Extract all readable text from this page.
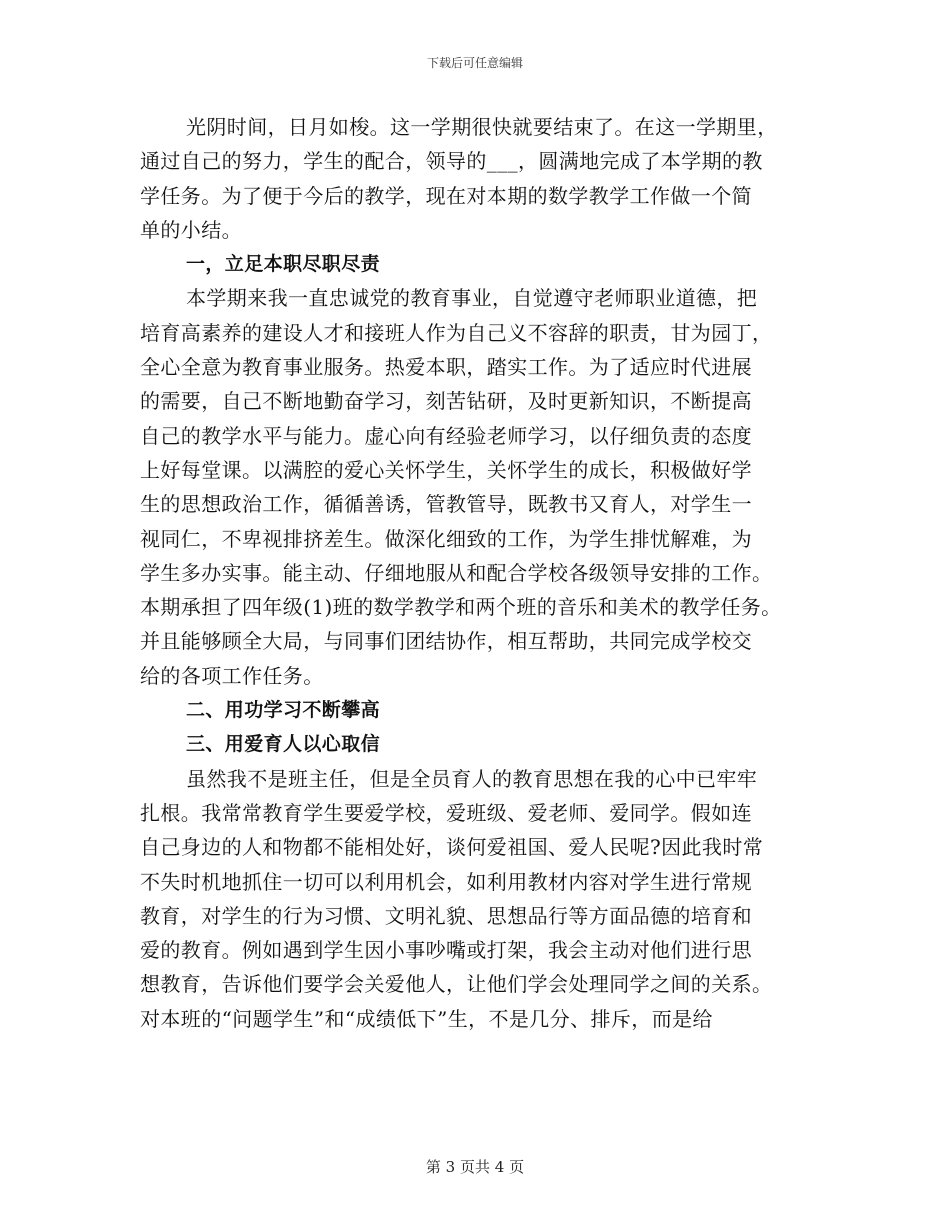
下载后可任意编辑
光阴时间，日月如梭。这一学期很快就要结束了。在这一学期里，
通过自己的努力，学生的配合，领导的___，圆满地完成了本学期的教
学任务。为了便于今后的教学，现在对本期的数学教学工作做一个简
单的小结。
一，立足本职尽职尽责
本学期来我一直忠诚党的教育事业，自觉遵守老师职业道德，把
培育高素养的建设人才和接班人作为自己义不容辞的职责，甘为园丁，
全心全意为教育事业服务。热爱本职，踏实工作。为了适应时代进展
的需要，自己不断地勤奋学习，刻苦钻研，及时更新知识，不断提高
自己的教学水平与能力。虚心向有经验老师学习，以仔细负责的态度
上好每堂课。以满腔的爱心关怀学生，关怀学生的成长，积极做好学
生的思想政治工作，循循善诱，管教管导，既教书又育人，对学生一
视同仁，不卑视排挤差生。做深化细致的工作，为学生排忧解难，为
学生多办实事。能主动、仔细地服从和配合学校各级领导安排的工作。
本期承担了四年级(1)班的数学教学和两个班的音乐和美术的教学任务。
并且能够顾全大局，与同事们团结协作，相互帮助，共同完成学校交
给的各项工作任务。
二、用功学习不断攀高
三、用爱育人以心取信
虽然我不是班主任，但是全员育人的教育思想在我的心中已牢牢
扎根。我常常教育学生要爱学校，爱班级、爱老师、爱同学。假如连
自己身边的人和物都不能相处好，谈何爱祖国、爱人民呢?因此我时常
不失时机地抓住一切可以利用机会，如利用教材内容对学生进行常规
教育，对学生的行为习惯、文明礼貌、思想品行等方面品德的培育和
爱的教育。例如遇到学生因小事吵嘴或打架，我会主动对他们进行思
想教育，告诉他们要学会关爱他人，让他们学会处理同学之间的关系。
对本班的“问题学生”和“成绩低下”生，不是几分、排斥，而是给
第 3 页共 4 页
